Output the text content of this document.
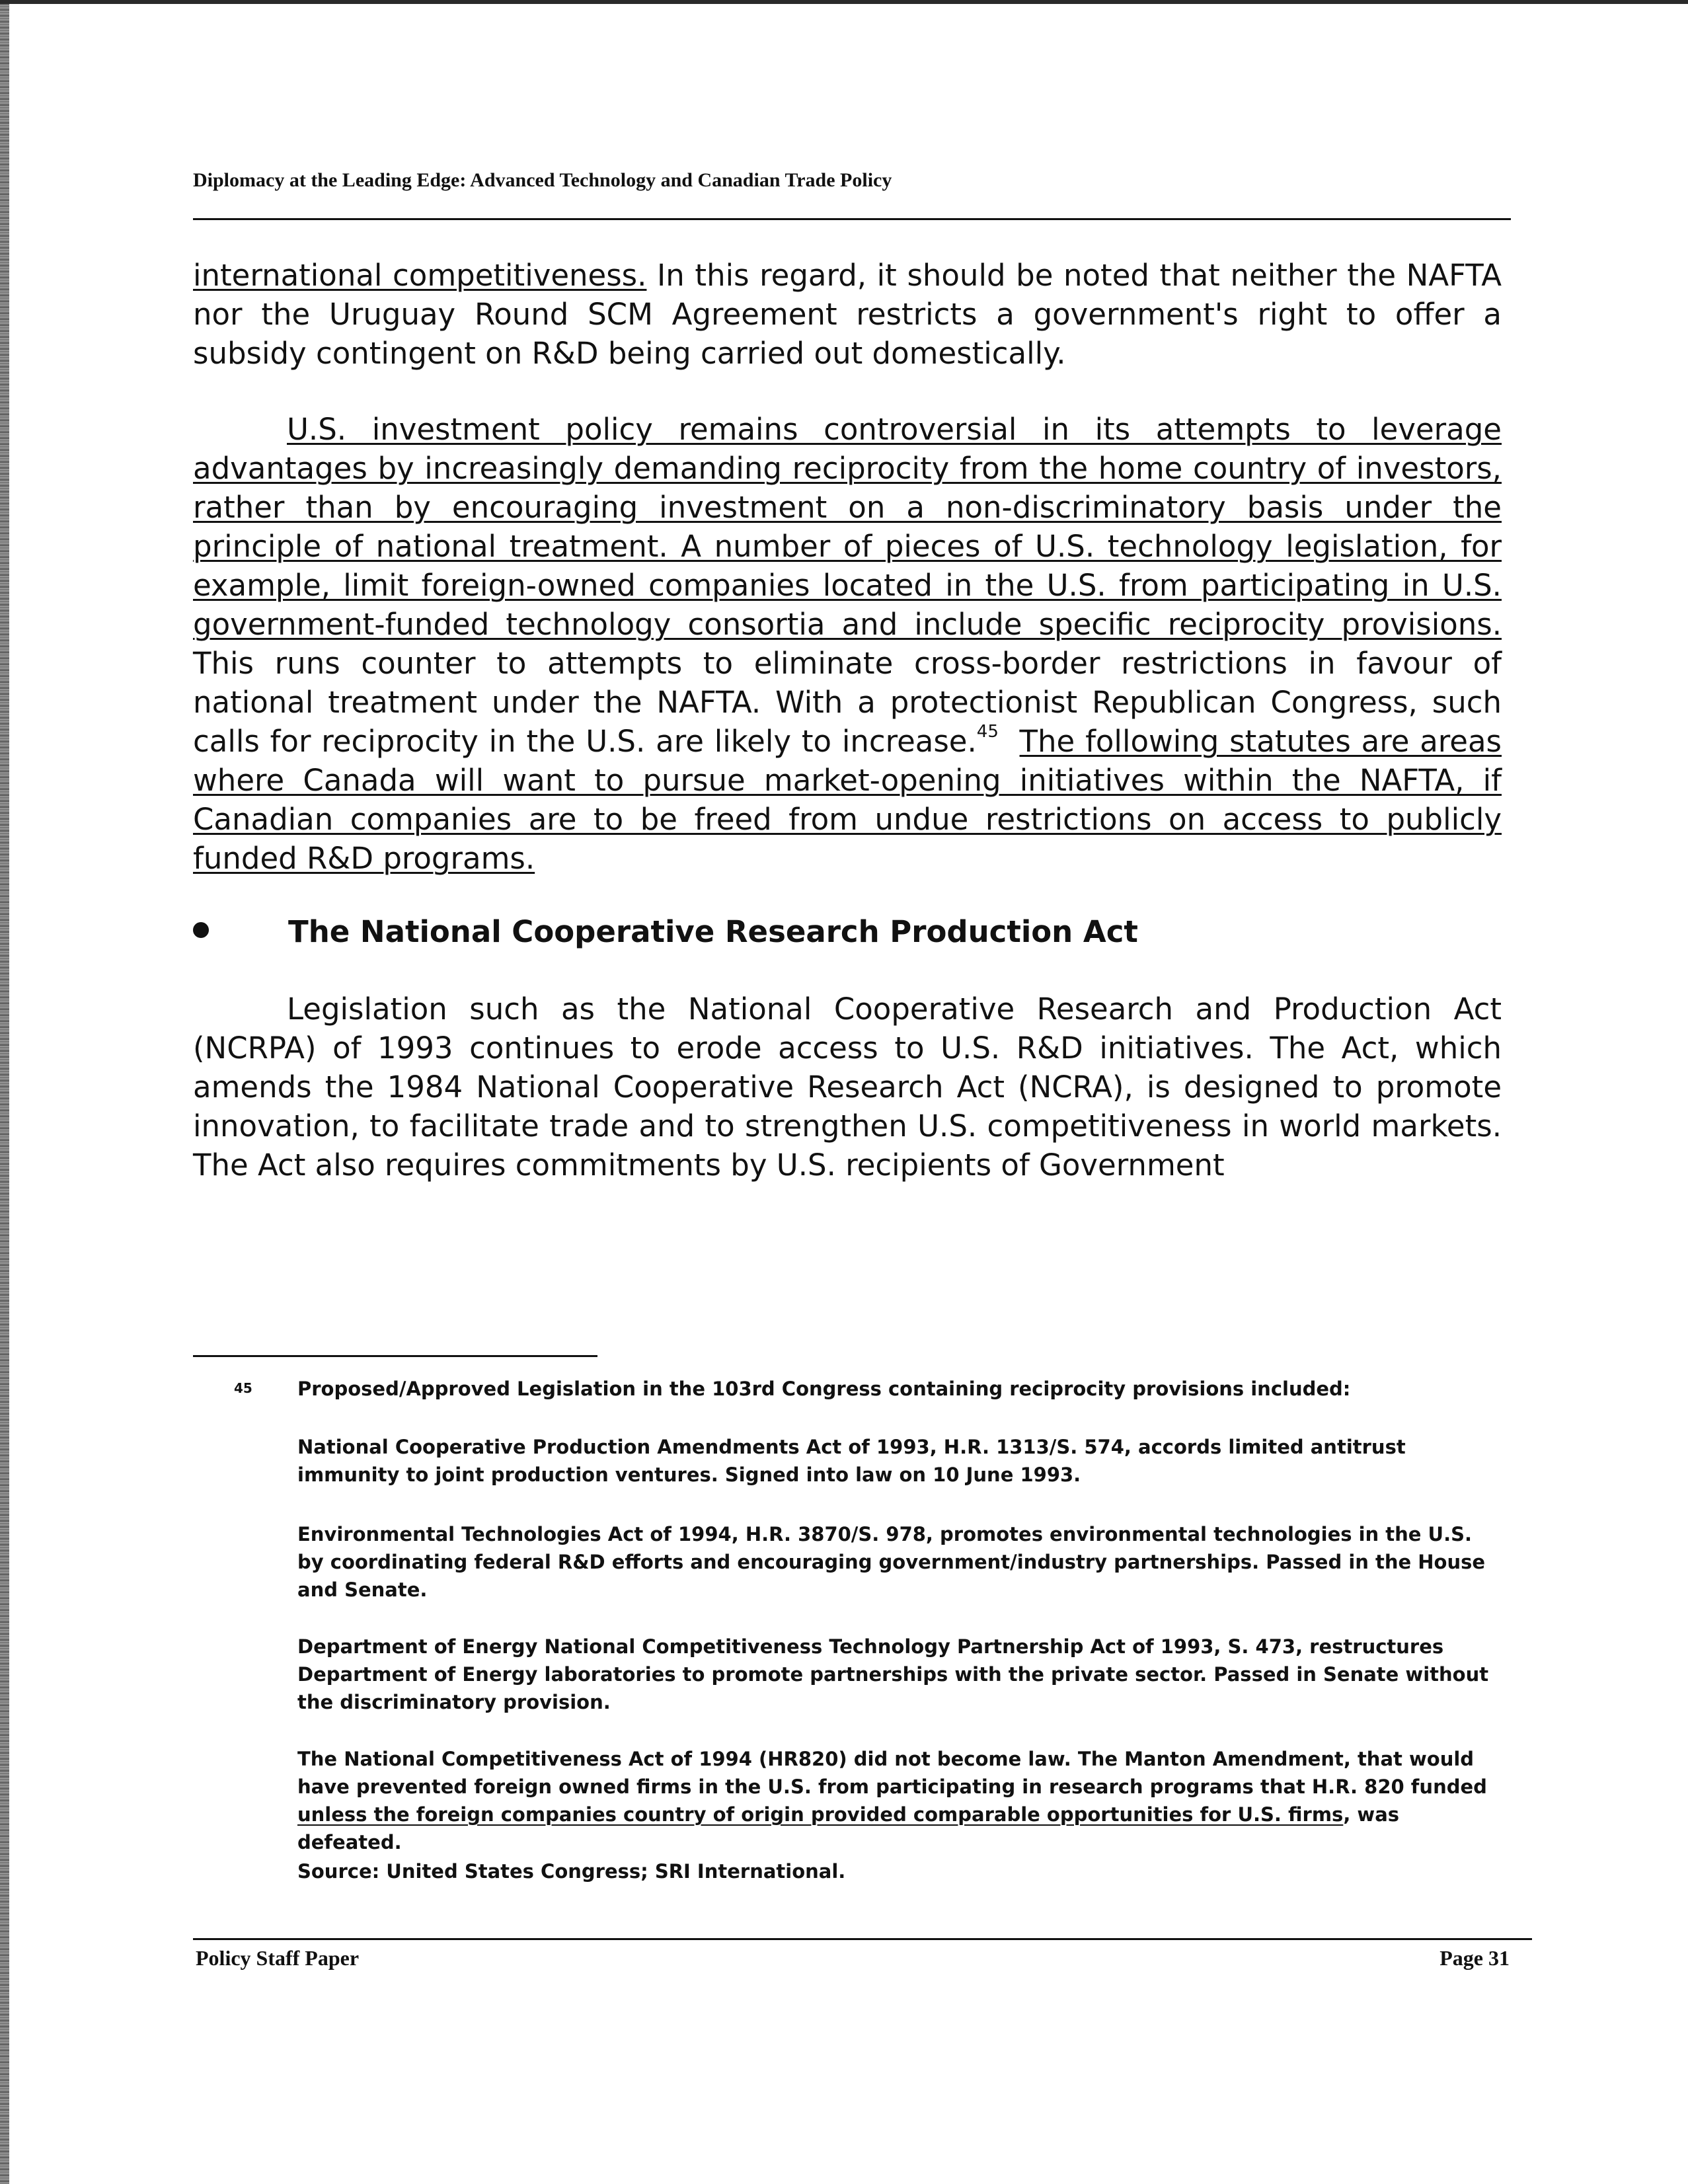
Diplomacy at the Leading Edge: Advanced Technology and Canadian Trade Policy

international competitiveness. In this regard, it should be noted that neither the NAFTA nor the Uruguay Round SCM Agreement restricts a government's right to offer a subsidy contingent on R&D being carried out domestically.

U.S. investment policy remains controversial in its attempts to leverage advantages by increasingly demanding reciprocity from the home country of investors, rather than by encouraging investment on a non-discriminatory basis under the principle of national treatment. A number of pieces of U.S. technology legislation, for example, limit foreign-owned companies located in the U.S. from participating in U.S. government-funded technology consortia and include specific reciprocity provisions. This runs counter to attempts to eliminate cross-border restrictions in favour of national treatment under the NAFTA. With a protectionist Republican Congress, such calls for reciprocity in the U.S. are likely to increase.$^{45}$ The following statutes are areas where Canada will want to pursue market-opening initiatives within the NAFTA, if Canadian companies are to be freed from undue restrictions on access to publicly funded R&D programs.

The National Cooperative Research Production Act

Legislation such as the National Cooperative Research and Production Act (NCRPA) of 1993 continues to erode access to U.S. R&D initiatives. The Act, which amends the 1984 National Cooperative Research Act (NCRA), is designed to promote innovation, to facilitate trade and to strengthen U.S. competitiveness in world markets. The Act also requires commitments by U.S. recipients of Government

45 Proposed/Approved Legislation in the 103rd Congress containing reciprocity provisions included:
National Cooperative Production Amendments Act of 1993, H.R. 1313/S. 574, accords limited antitrust immunity to joint production ventures. Signed into law on 10 June 1993.
Environmental Technologies Act of 1994, H.R. 3870/S. 978, promotes environmental technologies in the U.S. by coordinating federal R&D efforts and encouraging government/industry partnerships. Passed in the House and Senate.
Department of Energy National Competitiveness Technology Partnership Act of 1993, S. 473, restructures Department of Energy laboratories to promote partnerships with the private sector. Passed in Senate without the discriminatory provision.
The National Competitiveness Act of 1994 (HR820) did not become law. The Manton Amendment, that would have prevented foreign owned firms in the U.S. from participating in research programs that H.R. 820 funded unless the foreign companies country of origin provided comparable opportunities for U.S. firms, was defeated.
Source: United States Congress; SRI International.
Policy Staff Paper	Page 31
